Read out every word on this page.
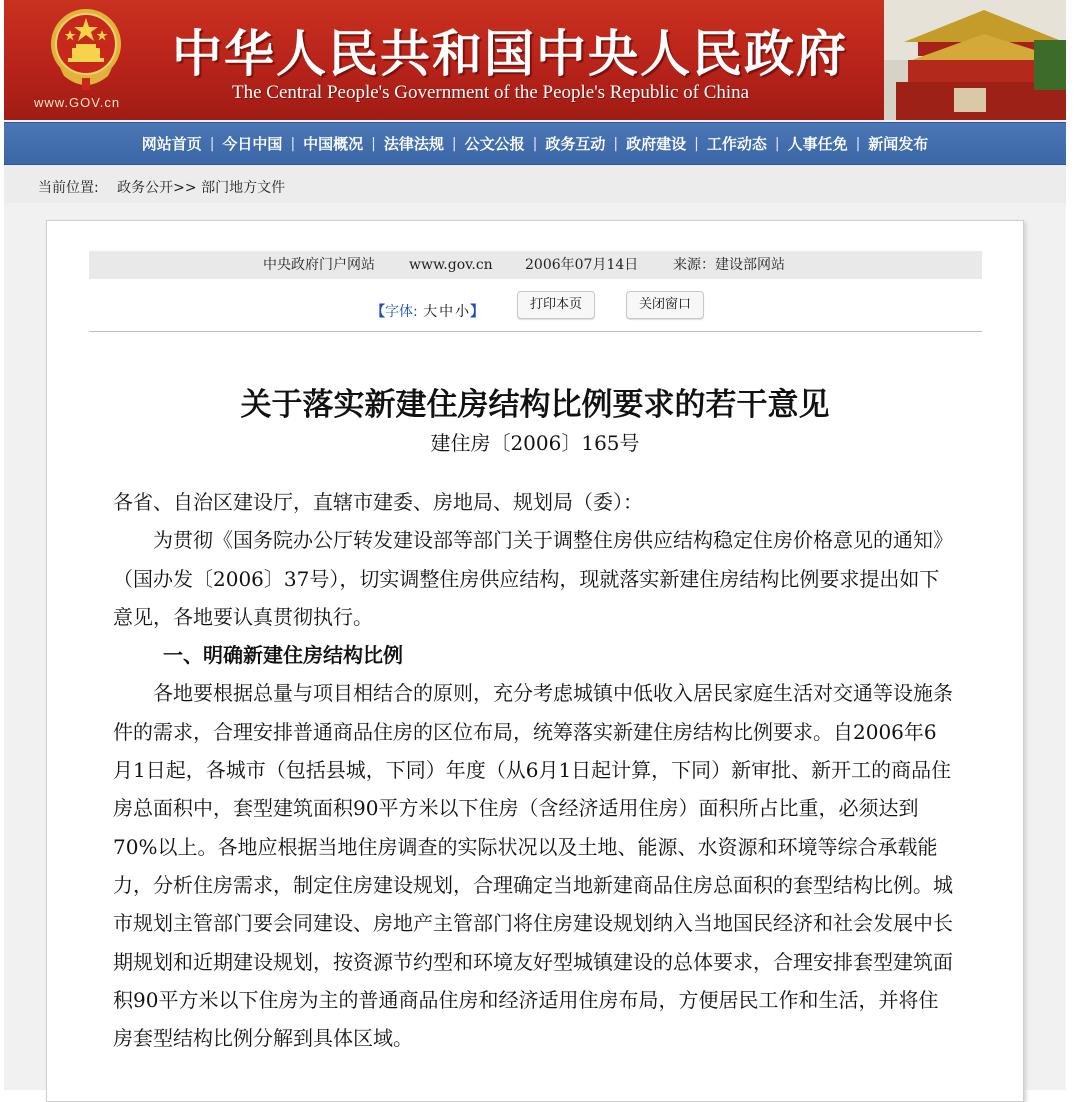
www.GOV.cn
中华人民共和国中央人民政府
The Central People's Government of the People's Republic of China
网站首页 | 今日中国 | 中国概况 | 法律法规 | 公文公报 | 政务互动 | 政府建设 | 工作动态 | 人事任免 | 新闻发布
当前位置: 政务公开>> 部门地方文件
中央政府门户网站 www.gov.cn 2006年07月14日 来源：建设部网站
【字体: 大 中 小】	打印本页	关闭窗口
关于落实新建住房结构比例要求的若干意见
建住房〔2006〕165号

各省、自治区建设厅，直辖市建委、房地局、规划局（委）：

为贯彻《国务院办公厅转发建设部等部门关于调整住房供应结构稳定住房价格意见的通知》（国办发〔2006〕37号），切实调整住房供应结构，现就落实新建住房结构比例要求提出如下意见，各地要认真贯彻执行。

一、明确新建住房结构比例

各地要根据总量与项目相结合的原则，充分考虑城镇中低收入居民家庭生活对交通等设施条件的需求，合理安排普通商品住房的区位布局，统筹落实新建住房结构比例要求。自2006年6月1日起，各城市（包括县城，下同）年度（从6月1日起计算，下同）新审批、新开工的商品住房总面积中，套型建筑面积90平方米以下住房（含经济适用住房）面积所占比重，必须达到70%以上。各地应根据当地住房调查的实际状况以及土地、能源、水资源和环境等综合承载能力，分析住房需求，制定住房建设规划，合理确定当地新建商品住房总面积的套型结构比例。城市规划主管部门要会同建设、房地产主管部门将住房建设规划纳入当地国民经济和社会发展中长期规划和近期建设规划，按资源节约型和环境友好型城镇建设的总体要求，合理安排套型建筑面积90平方米以下住房为主的普通商品住房和经济适用住房布局，方便居民工作和生活，并将住房套型结构比例分解到具体区域。
